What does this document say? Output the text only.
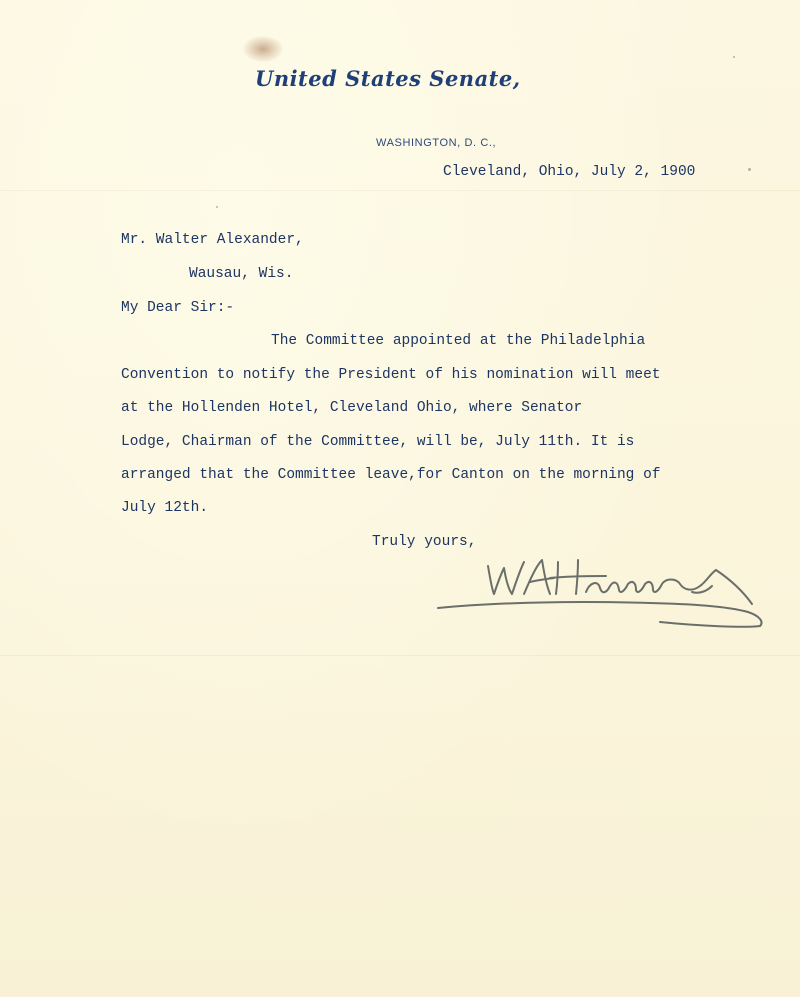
United States Senate,
WASHINGTON, D. C.,
Cleveland, Ohio, July 2, 1900
Mr. Walter Alexander,
Wausau, Wis.
My Dear Sir:-
The Committee appointed at the Philadelphia
Convention to notify the President of his nomination will meet
at the Hollenden Hotel, Cleveland Ohio, where Senator
Lodge, Chairman of the Committee, will be, July 11th. It is
arranged that the Committee leave,for Canton on the morning of
July 12th.
Truly yours,
